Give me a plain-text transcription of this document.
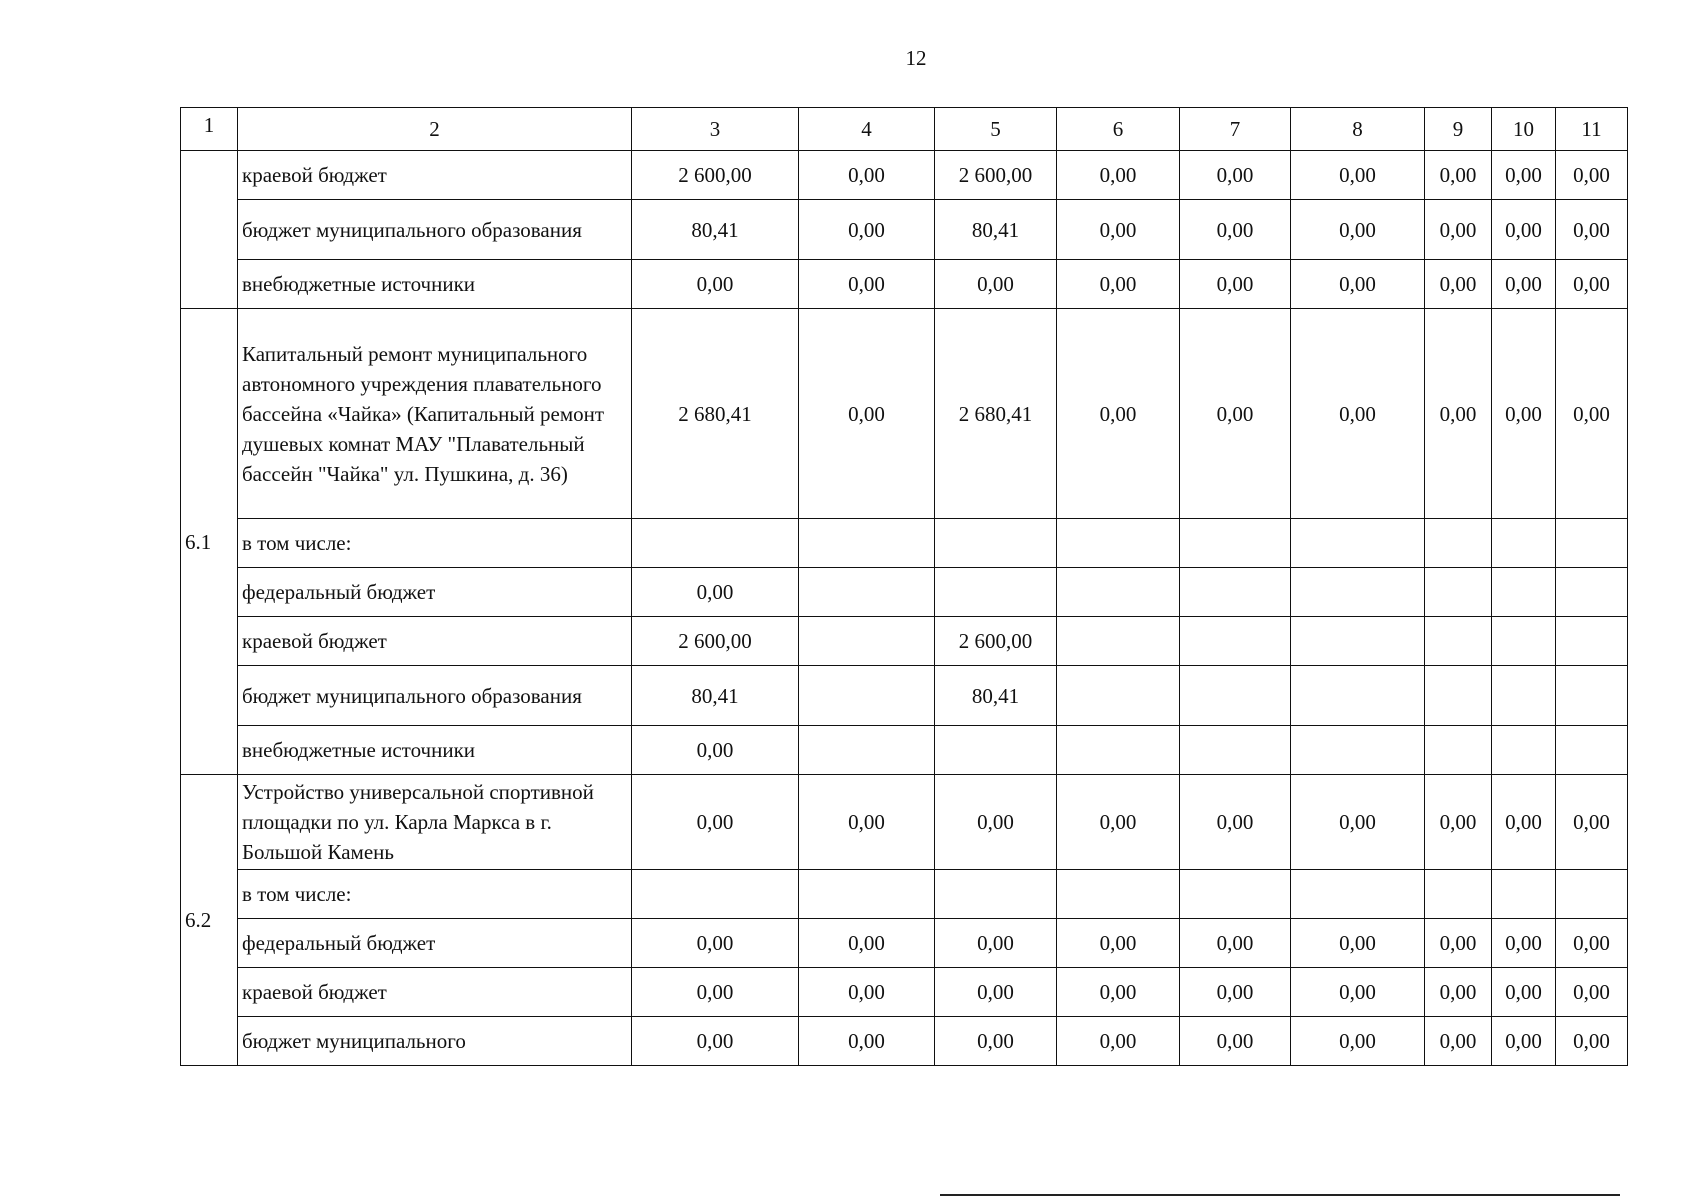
12
1	2	3	4	5	6	7	8	9	10	11
	краевой бюджет	2 600,00	0,00	2 600,00	0,00	0,00	0,00	0,00	0,00	0,00
	бюджет муниципального образования	80,41	0,00	80,41	0,00	0,00	0,00	0,00	0,00	0,00
	внебюджетные источники	0,00	0,00	0,00	0,00	0,00	0,00	0,00	0,00	0,00
6.1	Капитальный ремонт муниципального автономного учреждения плавательного бассейна «Чайка» (Капитальный ремонт душевых комнат МАУ "Плавательный бассейн "Чайка" ул. Пушкина, д. 36)	2 680,41	0,00	2 680,41	0,00	0,00	0,00	0,00	0,00	0,00
	в том числе:									
	федеральный бюджет	0,00								
	краевой бюджет	2 600,00		2 600,00						
	бюджет муниципального образования	80,41		80,41						
	внебюджетные источники	0,00								
6.2	Устройство универсальной спортивной площадки по ул. Карла Маркса в г. Большой Камень	0,00	0,00	0,00	0,00	0,00	0,00	0,00	0,00	0,00
	в том числе:									
	федеральный бюджет	0,00	0,00	0,00	0,00	0,00	0,00	0,00	0,00	0,00
	краевой бюджет	0,00	0,00	0,00	0,00	0,00	0,00	0,00	0,00	0,00
	бюджет муниципального	0,00	0,00	0,00	0,00	0,00	0,00	0,00	0,00	0,00
